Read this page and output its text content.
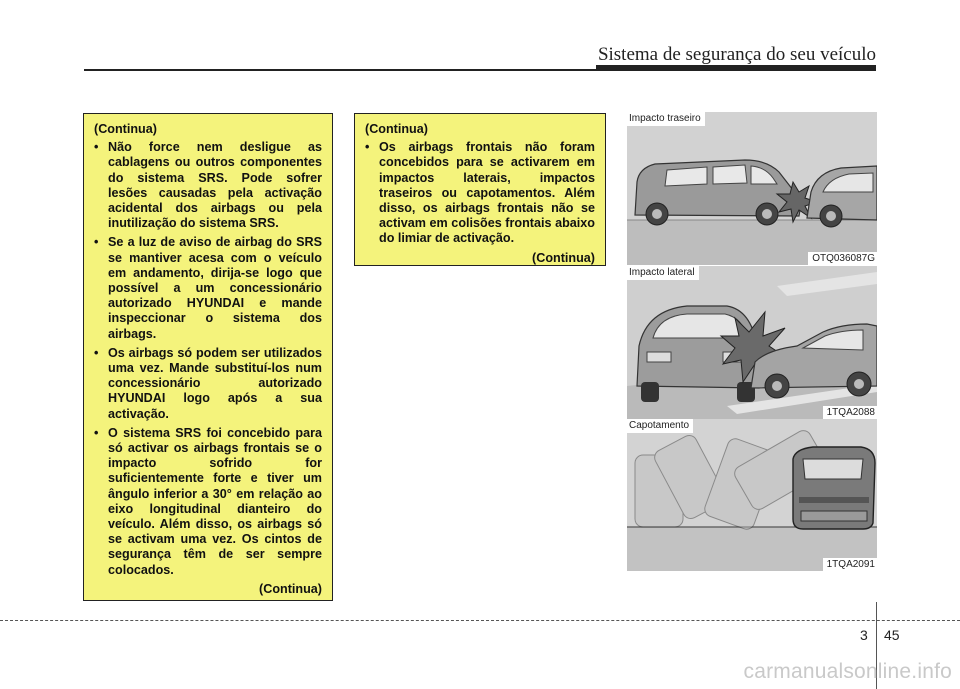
Sistema de segurança do seu veículo
(Continua)
• Não force nem desligue as cablagens ou outros componentes do sistema SRS. Pode sofrer lesões causadas pela activação acidental dos airbags ou pela inutilização do sistema SRS.
• Se a luz de aviso de airbag do SRS se mantiver acesa com o veículo em andamento, dirija-se logo que possível a um concessionário autorizado HYUNDAI e mande inspeccionar o sistema dos airbags.
• Os airbags só podem ser utilizados uma vez. Mande substituí-los num concessionário autorizado HYUNDAI logo após a sua activação.
• O sistema SRS foi concebido para só activar os airbags frontais se o impacto sofrido for suficientemente forte e tiver um ângulo inferior a 30° em relação ao eixo longitudinal dianteiro do veículo. Além disso, os airbags só se activam uma vez. Os cintos de segurança têm de ser sempre colocados.
(Continua)
(Continua)
• Os airbags frontais não foram concebidos para se activarem em impactos laterais, impactos traseiros ou capotamentos. Além disso, os airbags frontais não se activam em colisões frontais abaixo do limiar de activação.
(Continua)
Impacto traseiro
OTQ036087G
Impacto lateral
1TQA2088
Capotamento
1TQA2091
3 45
carmanualsonline.info
